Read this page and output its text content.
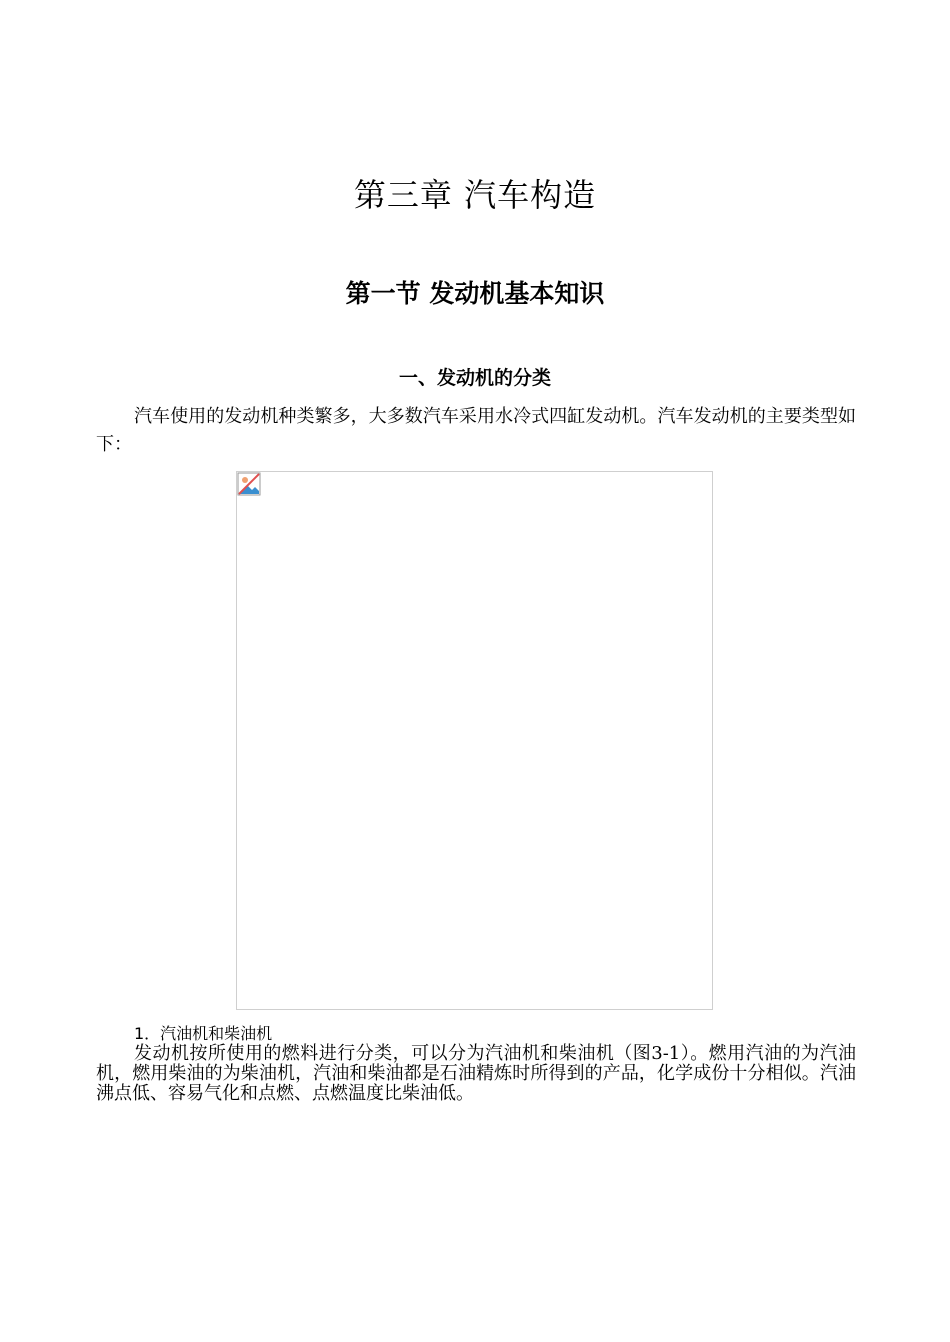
第三章 汽车构造
第一节 发动机基本知识
一、发动机的分类

汽车使用的发动机种类繁多，大多数汽车采用水冷式四缸发动机。汽车发动机的主要类型如下：

1．汽油机和柴油机

发动机按所使用的燃料进行分类，可以分为汽油机和柴油机（图3-1）。燃用汽油的为汽油机，燃用柴油的为柴油机，汽油和柴油都是石油精炼时所得到的产品，化学成份十分相似。汽油沸点低、容易气化和点燃、点燃温度比柴油低。
